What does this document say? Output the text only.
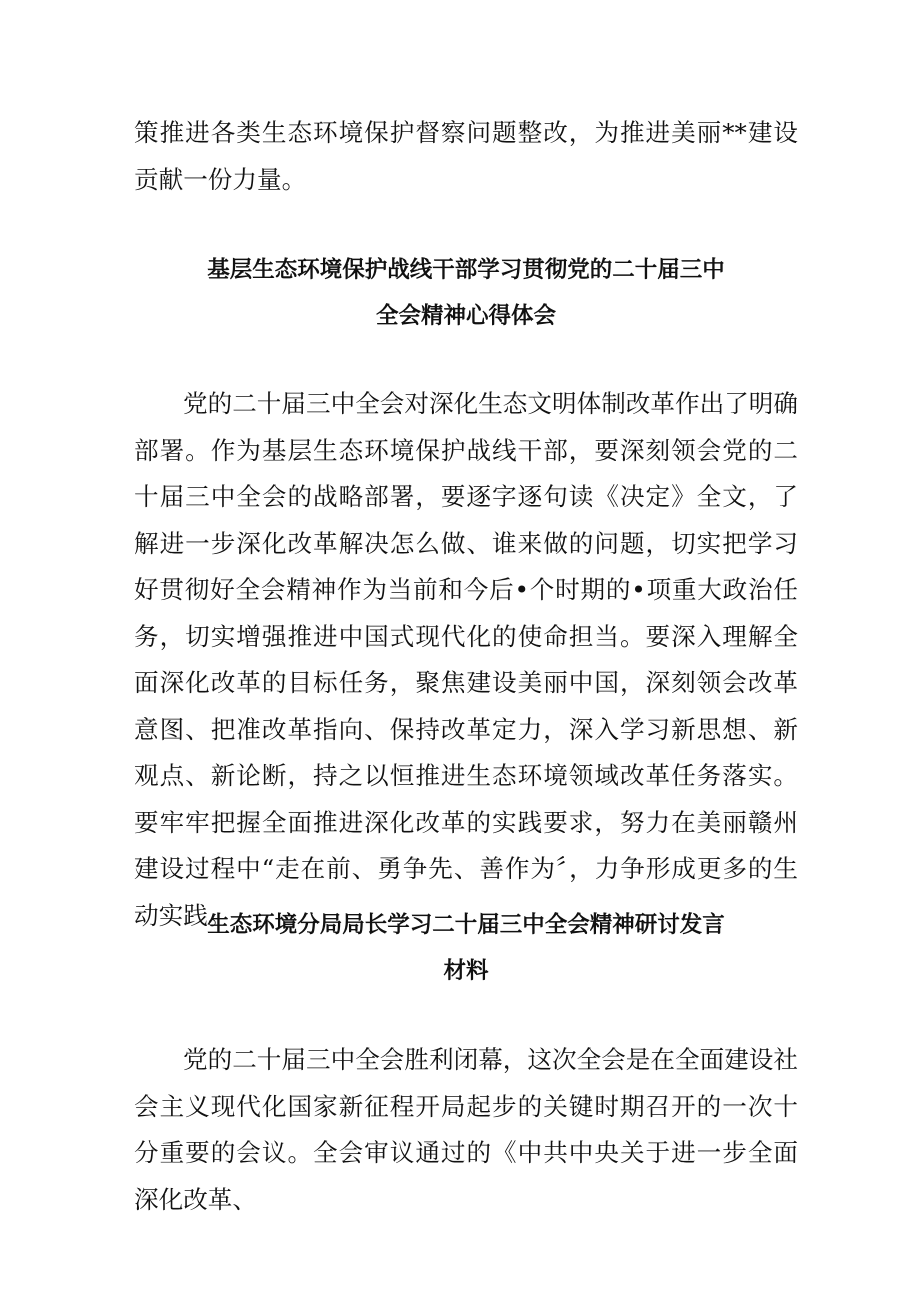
策推进各类生态环境保护督察问题整改，为推进美丽**建设贡献一份力量。

基层生态环境保护战线干部学习贯彻党的二十届三中
全会精神心得体会

党的二十届三中全会对深化生态文明体制改革作出了明确部署。作为基层生态环境保护战线干部，要深刻领会党的二十届三中全会的战略部署，要逐字逐句读《决定》全文，了解进一步深化改革解决怎么做、谁来做的问题，切实把学习好贯彻好全会精神作为当前和今后•个时期的•项重大政治任务，切实增强推进中国式现代化的使命担当。要深入理解全面深化改革的目标任务，聚焦建设美丽中国，深刻领会改革意图、把准改革指向、保持改革定力，深入学习新思想、新观点、新论断，持之以恒推进生态环境领域改革任务落实。要牢牢把握全面推进深化改革的实践要求，努力在美丽赣州建设过程中“走在前、勇争先、善作为〞，力争形成更多的生动实践。

生态环境分局局长学习二十届三中全会精神研讨发言
材料

党的二十届三中全会胜利闭幕，这次全会是在全面建设社会主义现代化国家新征程开局起步的关键时期召开的一次十分重要的会议。全会审议通过的《中共中央关于进一步全面深化改革、
